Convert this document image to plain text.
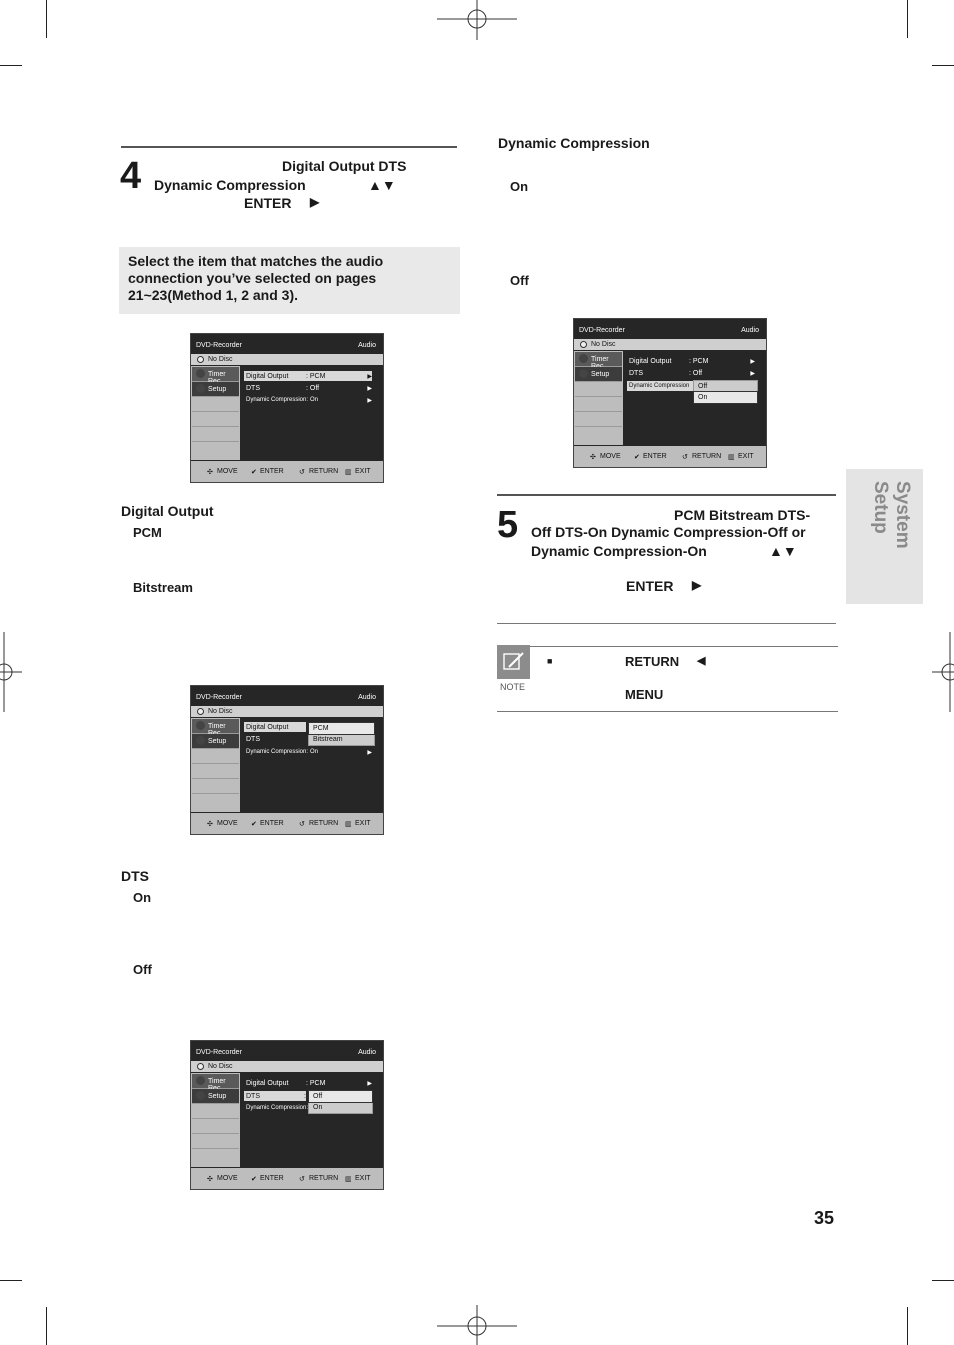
4	Digital Output DTS
Dynamic Compression	▲▼
ENTER ▶
Select the item that matches the audio connection you’ve selected on pages 21~23(Method 1, 2 and 3).
DVD-Recorder	Audio
No Disc
Timer
Setup
Digital Output	: PCM	▶
DTS	: Off	▶
Dynamic Compression: On	▶
✣ MOVE ✔ ENTER ↺ RETURN ▥ EXIT
Digital Output
PCM
Bitstream
DVD-Recorder	Audio
No Disc
Timer
Setup
Digital Output
DTS
Dynamic Compression: On	▶
PCM
Bitstream
✣ MOVE ✔ ENTER ↺ RETURN ▥ EXIT
DTS
On
Off
DVD-Recorder	Audio
No Disc
Timer
Setup
Digital Output	: PCM	▶
DTS	:
Dynamic Compression:
Off
On
✣ MOVE ✔ ENTER ↺ RETURN ▥ EXIT
Dynamic Compression
On
Off
DVD-Recorder	Audio
No Disc
Timer
Setup
Digital Output	: PCM	▶
DTS	: Off	▶
Dynamic Compression	Off
On
✣ MOVE ✔ ENTER ↺ RETURN ▥ EXIT
5	PCM Bitstream DTS-
Off DTS-On Dynamic Compression-Off or
Dynamic Compression-On	▲▼
ENTER ▶
NOTE
■	RETURN ◀
MENU
System Setup
35
